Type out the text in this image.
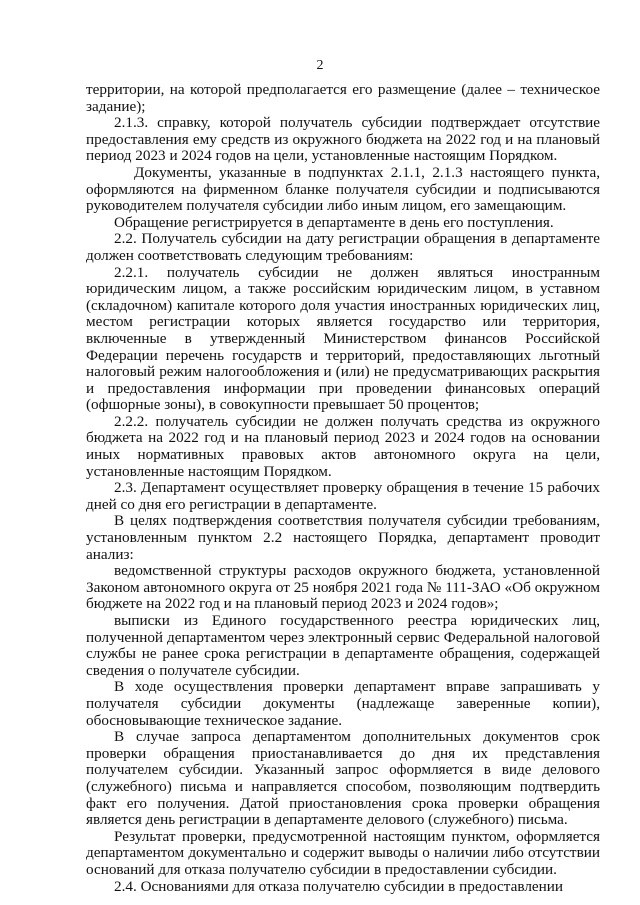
2

территории, на которой предполагается его размещение (далее – техническое задание);

2.1.3. справку, которой получатель субсидии подтверждает отсутствие предоставления ему средств из окружного бюджета на 2022 год и на плановый период 2023 и 2024 годов на цели, установленные настоящим Порядком.

Документы, указанные в подпунктах 2.1.1, 2.1.3 настоящего пункта, оформляются на фирменном бланке получателя субсидии и подписываются руководителем получателя субсидии либо иным лицом, его замещающим.

Обращение регистрируется в департаменте в день его поступления.

2.2. Получатель субсидии на дату регистрации обращения в департаменте должен соответствовать следующим требованиям:

2.2.1. получатель субсидии не должен являться иностранным юридическим лицом, а также российским юридическим лицом, в уставном (складочном) капитале которого доля участия иностранных юридических лиц, местом регистрации которых является государство или территория, включенные в утвержденный Министерством финансов Российской Федерации перечень государств и территорий, предоставляющих льготный налоговый режим налогообложения и (или) не предусматривающих раскрытия и предоставления информации при проведении финансовых операций (офшорные зоны), в совокупности превышает 50 процентов;

2.2.2. получатель субсидии не должен получать средства из окружного бюджета на 2022 год и на плановый период 2023 и 2024 годов на основании иных нормативных правовых актов автономного округа на цели, установленные настоящим Порядком.

2.3. Департамент осуществляет проверку обращения в течение 15 рабочих дней со дня его регистрации в департаменте.

В целях подтверждения соответствия получателя субсидии требованиям, установленным пунктом 2.2 настоящего Порядка, департамент проводит анализ:

ведомственной структуры расходов окружного бюджета, установленной Законом автономного округа от 25 ноября 2021 года № 111-ЗАО «Об окружном бюджете на 2022 год и на плановый период 2023 и 2024 годов»;

выписки из Единого государственного реестра юридических лиц, полученной департаментом через электронный сервис Федеральной налоговой службы не ранее срока регистрации в департаменте обращения, содержащей сведения о получателе субсидии.

В ходе осуществления проверки департамент вправе запрашивать у получателя субсидии документы (надлежаще заверенные копии), обосновывающие техническое задание.

В случае запроса департаментом дополнительных документов срок проверки обращения приостанавливается до дня их представления получателем субсидии. Указанный запрос оформляется в виде делового (служебного) письма и направляется способом, позволяющим подтвердить факт его получения. Датой приостановления срока проверки обращения является день регистрации в департаменте делового (служебного) письма.

Результат проверки, предусмотренной настоящим пунктом, оформляется департаментом документально и содержит выводы о наличии либо отсутствии оснований для отказа получателю субсидии в предоставлении субсидии.

2.4. Основаниями для отказа получателю субсидии в предоставлении
